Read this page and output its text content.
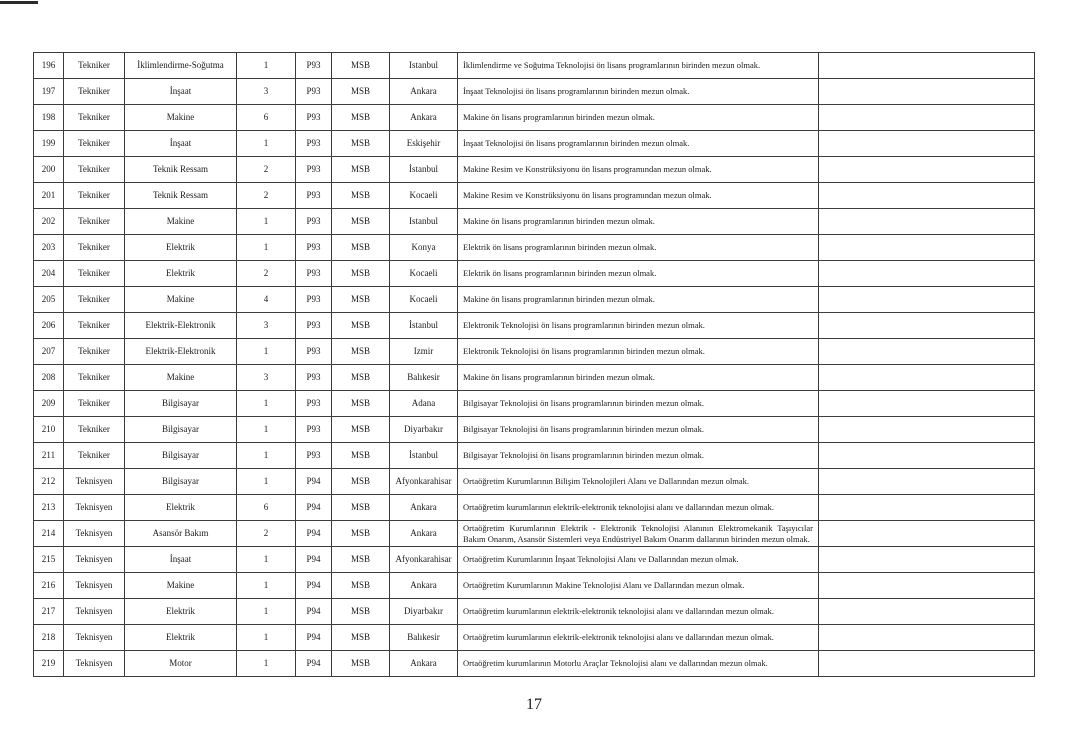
196	Tekniker	İklimlendirme-Soğutma	1	P93	MSB	Istanbul	İklimlendirme ve Soğutma Teknolojisi ön lisans programlarının birinden mezun olmak.	
197	Tekniker	İnşaat	3	P93	MSB	Ankara	İnşaat Teknolojisi ön lisans programlarının birinden mezun olmak.	
198	Tekniker	Makine	6	P93	MSB	Ankara	Makine ön lisans programlarının birinden mezun olmak.	
199	Tekniker	İnşaat	1	P93	MSB	Eskişehir	İnşaat Teknolojisi ön lisans programlarının birinden mezun olmak.	
200	Tekniker	Teknik Ressam	2	P93	MSB	İstanbul	Makine Resim ve Konstrüksiyonu ön lisans programından mezun olmak.	
201	Tekniker	Teknik Ressam	2	P93	MSB	Kocaeli	Makine Resim ve Konstrüksiyonu ön lisans programından mezun olmak.	
202	Tekniker	Makine	1	P93	MSB	Istanbul	Makine ön lisans programlarının birinden mezun olmak.	
203	Tekniker	Elektrik	1	P93	MSB	Konya	Elektrik ön lisans programlarının birinden mezun olmak.	
204	Tekniker	Elektrik	2	P93	MSB	Kocaeli	Elektrik ön lisans programlarının birinden mezun olmak.	
205	Tekniker	Makine	4	P93	MSB	Kocaeli	Makine ön lisans programlarının birinden mezun olmak.	
206	Tekniker	Elektrik-Elektronik	3	P93	MSB	İstanbul	Elektronik Teknolojisi ön lisans programlarının birinden mezun olmak.	
207	Tekniker	Elektrik-Elektronik	1	P93	MSB	Izmir	Elektronik Teknolojisi ön lisans programlarının birinden mezun olmak.	
208	Tekniker	Makine	3	P93	MSB	Balıkesir	Makine ön lisans programlarının birinden mezun olmak.	
209	Tekniker	Bilgisayar	1	P93	MSB	Adana	Bilgisayar Teknolojisi ön lisans programlarının birinden mezun olmak.	
210	Tekniker	Bilgisayar	1	P93	MSB	Diyarbakır	Bilgisayar Teknolojisi ön lisans programlarının birinden mezun olmak.	
211	Tekniker	Bilgisayar	1	P93	MSB	İstanbul	Bilgisayar Teknolojisi ön lisans programlarının birinden mezun olmak.	
212	Teknisyen	Bilgisayar	1	P94	MSB	Afyonkarahisar	Ortaöğretim Kurumlarının Bilişim Teknolojileri Alanı ve Dallarından mezun olmak.	
213	Teknisyen	Elektrik	6	P94	MSB	Ankara	Ortaöğretim kurumlarının elektrik-elektronik teknolojisi alanı ve dallarından mezun olmak.	
214	Teknisyen	Asansör Bakım	2	P94	MSB	Ankara	Ortaöğretim Kurumlarının Elektrik - Elektronik Teknolojisi Alanının Elektromekanik Taşıyıcılar Bakım Onarım, Asansör Sistemleri veya Endüstriyel Bakım Onarım dallarının birinden mezun olmak.	
215	Teknisyen	İnşaat	1	P94	MSB	Afyonkarahisar	Ortaöğretim Kurumlarının İnşaat Teknolojisi Alanı ve Dallarından mezun olmak.	
216	Teknisyen	Makine	1	P94	MSB	Ankara	Ortaöğretim Kurumlarının Makine Teknolojisi Alanı ve Dallarından mezun olmak.	
217	Teknisyen	Elektrik	1	P94	MSB	Diyarbakır	Ortaöğretim kurumlarının elektrik-elektronik teknolojisi alanı ve dallarından mezun olmak.	
218	Teknisyen	Elektrik	1	P94	MSB	Balıkesir	Ortaöğretim kurumlarının elektrik-elektronik teknolojisi alanı ve dallarından mezun olmak.	
219	Teknisyen	Motor	1	P94	MSB	Ankara	Ortaöğretim kurumlarının Motorlu Araçlar Teknolojisi alanı ve dallarından mezun olmak.	
17
